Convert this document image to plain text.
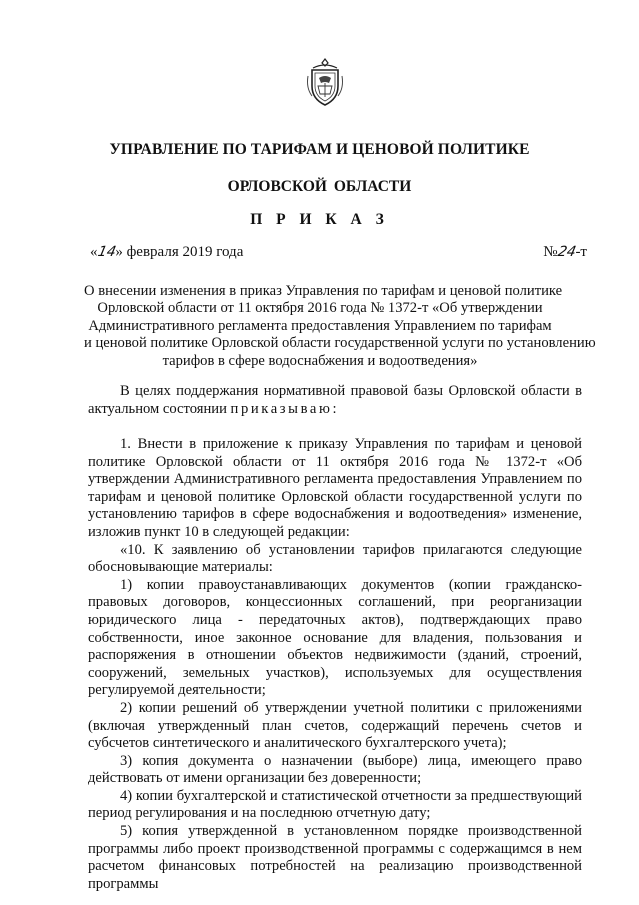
УПРАВЛЕНИЕ ПО ТАРИФАМ И ЦЕНОВОЙ ПОЛИТИКЕ
ОРЛОВСКОЙ ОБЛАСТИ
П Р И К А З
«14» февраля 2019 года	№24-т
О внесении изменения в приказ Управления по тарифам и ценовой политике
Орловской области от 11 октября 2016 года № 1372-т «Об утверждении
Административного регламента предоставления Управлением по тарифам
и ценовой политике Орловской области государственной услуги по установлению
тарифов в сфере водоснабжения и водоотведения»

В целях поддержания нормативной правовой базы Орловской области в актуальном состоянии приказываю:

1. Внести в приложение к приказу Управления по тарифам и ценовой политике Орловской области от 11 октября 2016 года № 1372-т «Об утверждении Административного регламента предоставления Управлением по тарифам и ценовой политике Орловской области государственной услуги по установлению тарифов в сфере водоснабжения и водоотведения» изменение, изложив пункт 10 в следующей редакции:

«10. К заявлению об установлении тарифов прилагаются следующие обосновывающие материалы:

1) копии правоустанавливающих документов (копии гражданско-правовых договоров, концессионных соглашений, при реорганизации юридического лица - передаточных актов), подтверждающих право собственности, иное законное основание для владения, пользования и распоряжения в отношении объектов недвижимости (зданий, строений, сооружений, земельных участков), используемых для осуществления регулируемой деятельности;

2) копии решений об утверждении учетной политики с приложениями (включая утвержденный план счетов, содержащий перечень счетов и субсчетов синтетического и аналитического бухгалтерского учета);

3) копия документа о назначении (выборе) лица, имеющего право действовать от имени организации без доверенности;

4) копии бухгалтерской и статистической отчетности за предшествующий период регулирования и на последнюю отчетную дату;

5) копия утвержденной в установленном порядке производственной программы либо проект производственной программы с содержащимся в нем расчетом финансовых потребностей на реализацию производственной программы
